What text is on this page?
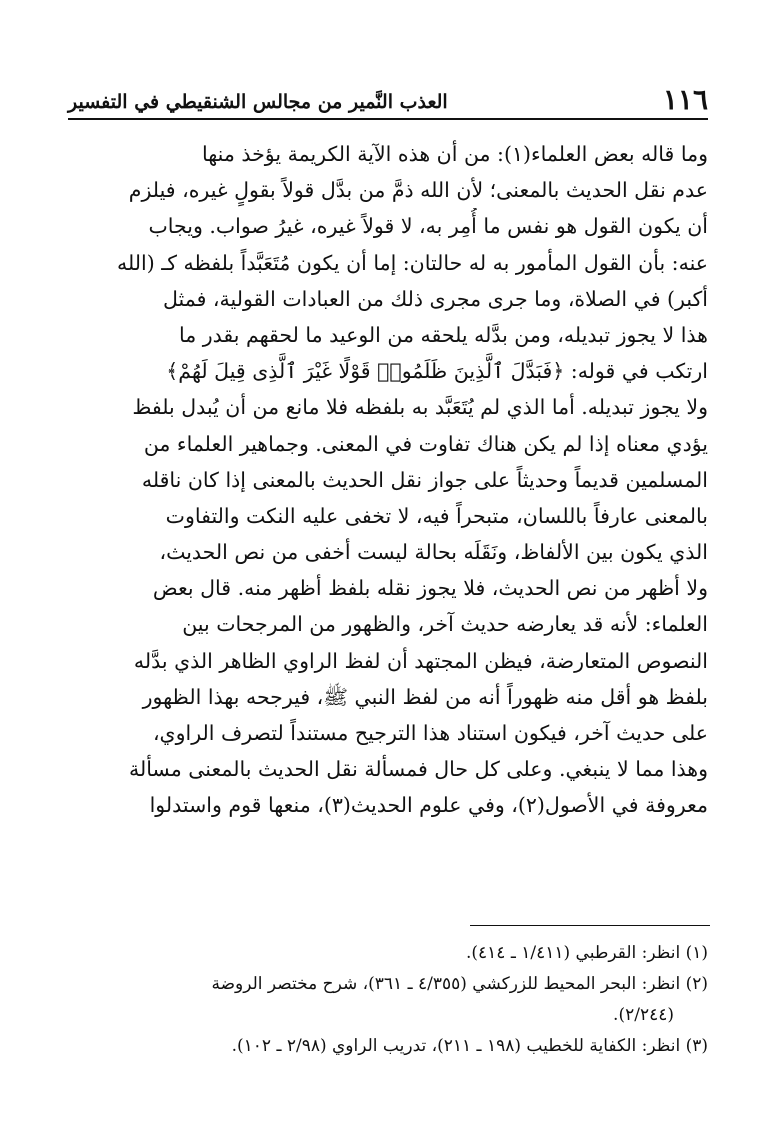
١١٦
العذب النَّمير من مجالس الشنقيطي في التفسير
وما قاله بعض العلماء(١): من أن هذه الآية الكريمة يؤخذ منها
عدم نقل الحديث بالمعنى؛ لأن الله ذمَّ من بدَّل قولاً بقولٍ غيره، فيلزم
أن يكون القول هو نفس ما أُمِر به، لا قولاً غيره، غيرُ صواب. ويجاب
عنه: بأن القول المأمور به له حالتان: إما أن يكون مُتَعَبَّداً بلفظه كـ (الله
أكبر) في الصلاة، وما جرى مجرى ذلك من العبادات القولية، فمثل
هذا لا يجوز تبديله، ومن بدَّله يلحقه من الوعيد ما لحقهم بقدر ما
ارتكب في قوله: ﴿فَبَدَّلَ ٱلَّذِينَ ظَلَمُوا۟ قَوْلًا غَيْرَ ٱلَّذِى قِيلَ لَهُمْ﴾
ولا يجوز تبديله. أما الذي لم يُتَعَبَّد به بلفظه فلا مانع من أن يُبدل بلفظ
يؤدي معناه إذا لم يكن هناك تفاوت في المعنى. وجماهير العلماء من
المسلمين قديماً وحديثاً على جواز نقل الحديث بالمعنى إذا كان ناقله
بالمعنى عارفاً باللسان، متبحراً فيه، لا تخفى عليه النكت والتفاوت
الذي يكون بين الألفاظ، ونَقَلَه بحالة ليست أخفى من نص الحديث،
ولا أظهر من نص الحديث، فلا يجوز نقله بلفظ أظهر منه. قال بعض
العلماء: لأنه قد يعارضه حديث آخر، والظهور من المرجحات بين
النصوص المتعارضة، فيظن المجتهد أن لفظ الراوي الظاهر الذي بدَّله
بلفظ هو أقل منه ظهوراً أنه من لفظ النبي ﷺ، فيرجحه بهذا الظهور
على حديث آخر، فيكون استناد هذا الترجيح مستنداً لتصرف الراوي،
وهذا مما لا ينبغي. وعلى كل حال فمسألة نقل الحديث بالمعنى مسألة
معروفة في الأصول(٢)، وفي علوم الحديث(٣)، منعها قوم واستدلوا
(١) انظر: القرطبي (١/٤١١ ـ ٤١٤).
(٢) انظر: البحر المحيط للزركشي (٤/٣٥٥ ـ ٣٦١)، شرح مختصر الروضة
(٢/٢٤٤).
(٣) انظر: الكفاية للخطيب (١٩٨ ـ ٢١١)، تدريب الراوي (٢/٩٨ ـ ١٠٢).
